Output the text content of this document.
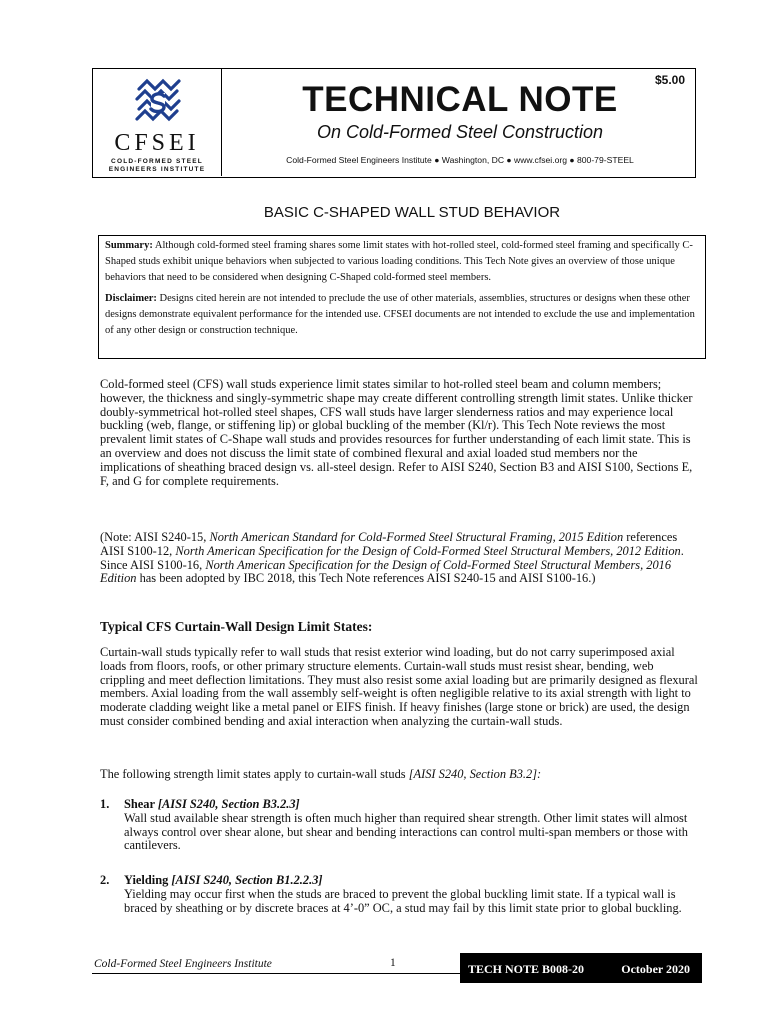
CFSEI
COLD-FORMED STEEL
ENGINEERS INSTITUTE
$5.00
TECHNICAL NOTE
On Cold-Formed Steel Construction
Cold-Formed Steel Engineers Institute ● Washington, DC ● www.cfsei.org ● 800-79-STEEL
BASIC C-SHAPED WALL STUD BEHAVIOR

Summary: Although cold-formed steel framing shares some limit states with hot-rolled steel, cold-formed steel framing and specifically C-Shaped studs exhibit unique behaviors when subjected to various loading conditions. This Tech Note gives an overview of those unique behaviors that need to be considered when designing C-Shaped cold-formed steel members.

Disclaimer: Designs cited herein are not intended to preclude the use of other materials, assemblies, structures or designs when these other designs demonstrate equivalent performance for the intended use. CFSEI documents are not intended to exclude the use and implementation of any other design or construction technique.

Cold-formed steel (CFS) wall studs experience limit states similar to hot-rolled steel beam and column members; however, the thickness and singly-symmetric shape may create different controlling strength limit states. Unlike thicker doubly-symmetrical hot-rolled steel shapes, CFS wall studs have larger slenderness ratios and may experience local buckling (web, flange, or stiffening lip) or global buckling of the member (Kl/r). This Tech Note reviews the most prevalent limit states of C-Shape wall studs and provides resources for further understanding of each limit state. This is an overview and does not discuss the limit state of combined flexural and axial loaded stud members nor the implications of sheathing braced design vs. all-steel design. Refer to AISI S240, Section B3 and AISI S100, Sections E, F, and G for complete requirements.

(Note: AISI S240-15, North American Standard for Cold-Formed Steel Structural Framing, 2015 Edition references AISI S100-12, North American Specification for the Design of Cold-Formed Steel Structural Members, 2012 Edition. Since AISI S100-16, North American Specification for the Design of Cold-Formed Steel Structural Members, 2016 Edition has been adopted by IBC 2018, this Tech Note references AISI S240-15 and AISI S100-16.)

Typical CFS Curtain-Wall Design Limit States:

Curtain-wall studs typically refer to wall studs that resist exterior wind loading, but do not carry superimposed axial loads from floors, roofs, or other primary structure elements. Curtain-wall studs must resist shear, bending, web crippling and meet deflection limitations. They must also resist some axial loading but are primarily designed as flexural members. Axial loading from the wall assembly self-weight is often negligible relative to its axial strength with light to moderate cladding weight like a metal panel or EIFS finish. If heavy finishes (large stone or brick) are used, the design must consider combined bending and axial interaction when analyzing the curtain-wall studs.

The following strength limit states apply to curtain-wall studs [AISI S240, Section B3.2]:

1. Shear [AISI S240, Section B3.2.3]
Wall stud available shear strength is often much higher than required shear strength. Other limit states will almost always control over shear alone, but shear and bending interactions can control multi-span members or those with cantilevers.
2. Yielding [AISI S240, Section B1.2.2.3]
Yielding may occur first when the studs are braced to prevent the global buckling limit state. If a typical wall is braced by sheathing or by discrete braces at 4’-0” OC, a stud may fail by this limit state prior to global buckling.
Cold-Formed Steel Engineers Institute	1	TECH NOTE B008-20	October 2020
